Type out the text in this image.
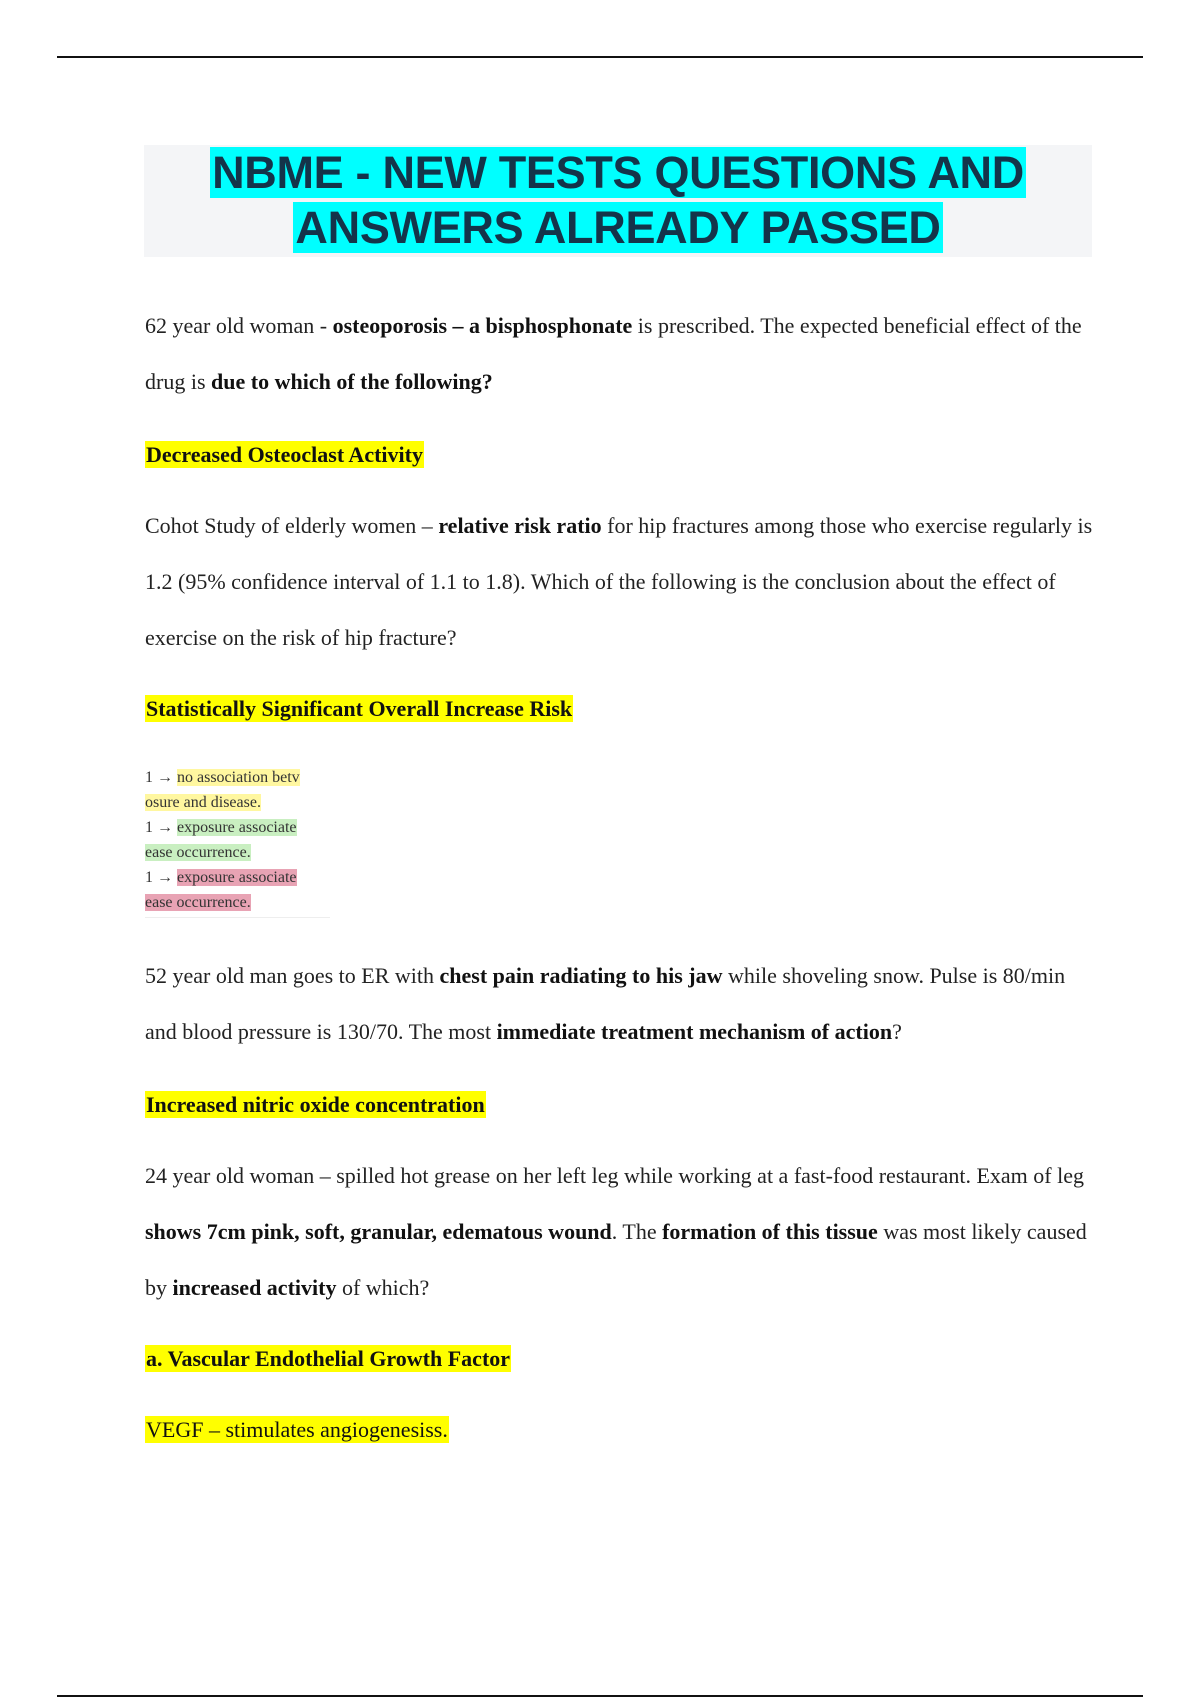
NBME - NEW TESTS QUESTIONS AND
ANSWERS ALREADY PASSED

62 year old woman - osteoporosis – a bisphosphonate is prescribed. The expected beneficial effect of the drug is due to which of the following?

Decreased Osteoclast Activity

Cohot Study of elderly women – relative risk ratio for hip fractures among those who exercise regularly is 1.2 (95% confidence interval of 1.1 to 1.8). Which of the following is the conclusion about the effect of exercise on the risk of hip fracture?

Statistically Significant Overall Increase Risk

1 → no association betv
osure and disease.
1 → exposure associate
ease occurrence.
1 → exposure associate
ease occurrence.

52 year old man goes to ER with chest pain radiating to his jaw while shoveling snow. Pulse is 80/min and blood pressure is 130/70. The most immediate treatment mechanism of action?

Increased nitric oxide concentration

24 year old woman – spilled hot grease on her left leg while working at a fast-food restaurant. Exam of leg shows 7cm pink, soft, granular, edematous wound. The formation of this tissue was most likely caused by increased activity of which?

a. Vascular Endothelial Growth Factor

VEGF – stimulates angiogenesiss.
